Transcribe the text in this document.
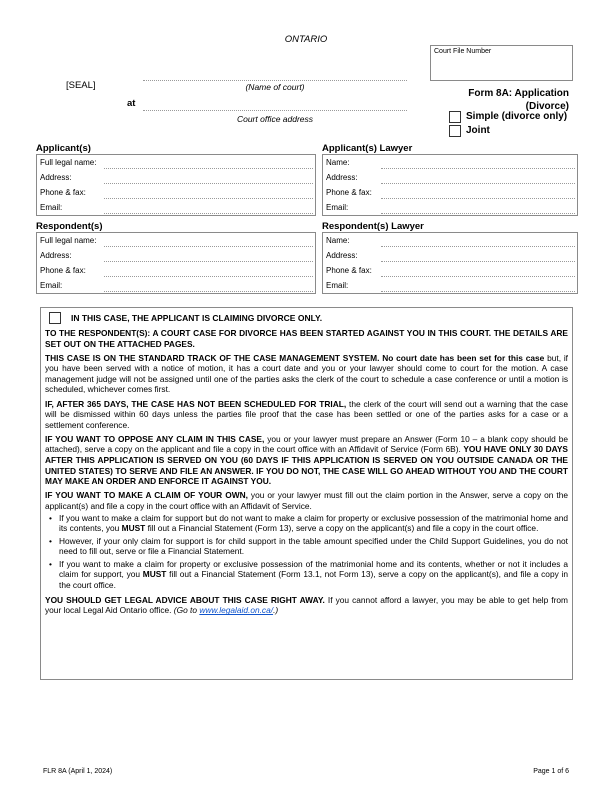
ONTARIO
Court File Number
[SEAL]	(Name of court)
at
Court office address
Form 8A: Application
(Divorce)
Simple (divorce only)
Joint
Applicant(s)
Full legal name:
Address:
Phone & fax:
Email:
Applicant(s) Lawyer
Name:
Address:
Phone & fax:
Email:
Respondent(s)
Full legal name:
Address:
Phone & fax:
Email:
Respondent(s) Lawyer
Name:
Address:
Phone & fax:
Email:
IN THIS CASE, THE APPLICANT IS CLAIMING DIVORCE ONLY.

TO THE RESPONDENT(S): A COURT CASE FOR DIVORCE HAS BEEN STARTED AGAINST YOU IN THIS COURT. THE DETAILS ARE SET OUT ON THE ATTACHED PAGES.

THIS CASE IS ON THE STANDARD TRACK OF THE CASE MANAGEMENT SYSTEM. No court date has been set for this case but, if you have been served with a notice of motion, it has a court date and you or your lawyer should come to court for the motion. A case management judge will not be assigned until one of the parties asks the clerk of the court to schedule a case conference or until a motion is scheduled, whichever comes first.

IF, AFTER 365 DAYS, THE CASE HAS NOT BEEN SCHEDULED FOR TRIAL, the clerk of the court will send out a warning that the case will be dismissed within 60 days unless the parties file proof that the case has been settled or one of the parties asks for a case or a settlement conference.

IF YOU WANT TO OPPOSE ANY CLAIM IN THIS CASE, you or your lawyer must prepare an Answer (Form 10 – a blank copy should be attached), serve a copy on the applicant and file a copy in the court office with an Affidavit of Service (Form 6B). YOU HAVE ONLY 30 DAYS AFTER THIS APPLICATION IS SERVED ON YOU (60 DAYS IF THIS APPLICATION IS SERVED ON YOU OUTSIDE CANADA OR THE UNITED STATES) TO SERVE AND FILE AN ANSWER. IF YOU DO NOT, THE CASE WILL GO AHEAD WITHOUT YOU AND THE COURT MAY MAKE AN ORDER AND ENFORCE IT AGAINST YOU.

IF YOU WANT TO MAKE A CLAIM OF YOUR OWN, you or your lawyer must fill out the claim portion in the Answer, serve a copy on the applicant(s) and file a copy in the court office with an Affidavit of Service.

• If you want to make a claim for support but do not want to make a claim for property or exclusive possession of the matrimonial home and its contents, you MUST fill out a Financial Statement (Form 13), serve a copy on the applicant(s) and file a copy in the court office.
• However, if your only claim for support is for child support in the table amount specified under the Child Support Guidelines, you do not need to fill out, serve or file a Financial Statement.
• If you want to make a claim for property or exclusive possession of the matrimonial home and its contents, whether or not it includes a claim for support, you MUST fill out a Financial Statement (Form 13.1, not Form 13), serve a copy on the applicant(s), and file a copy in the court office.

YOU SHOULD GET LEGAL ADVICE ABOUT THIS CASE RIGHT AWAY. If you cannot afford a lawyer, you may be able to get help from your local Legal Aid Ontario office. (Go to www.legalaid.on.ca/.)

FLR 8A (April 1, 2024)	Page 1 of 6
